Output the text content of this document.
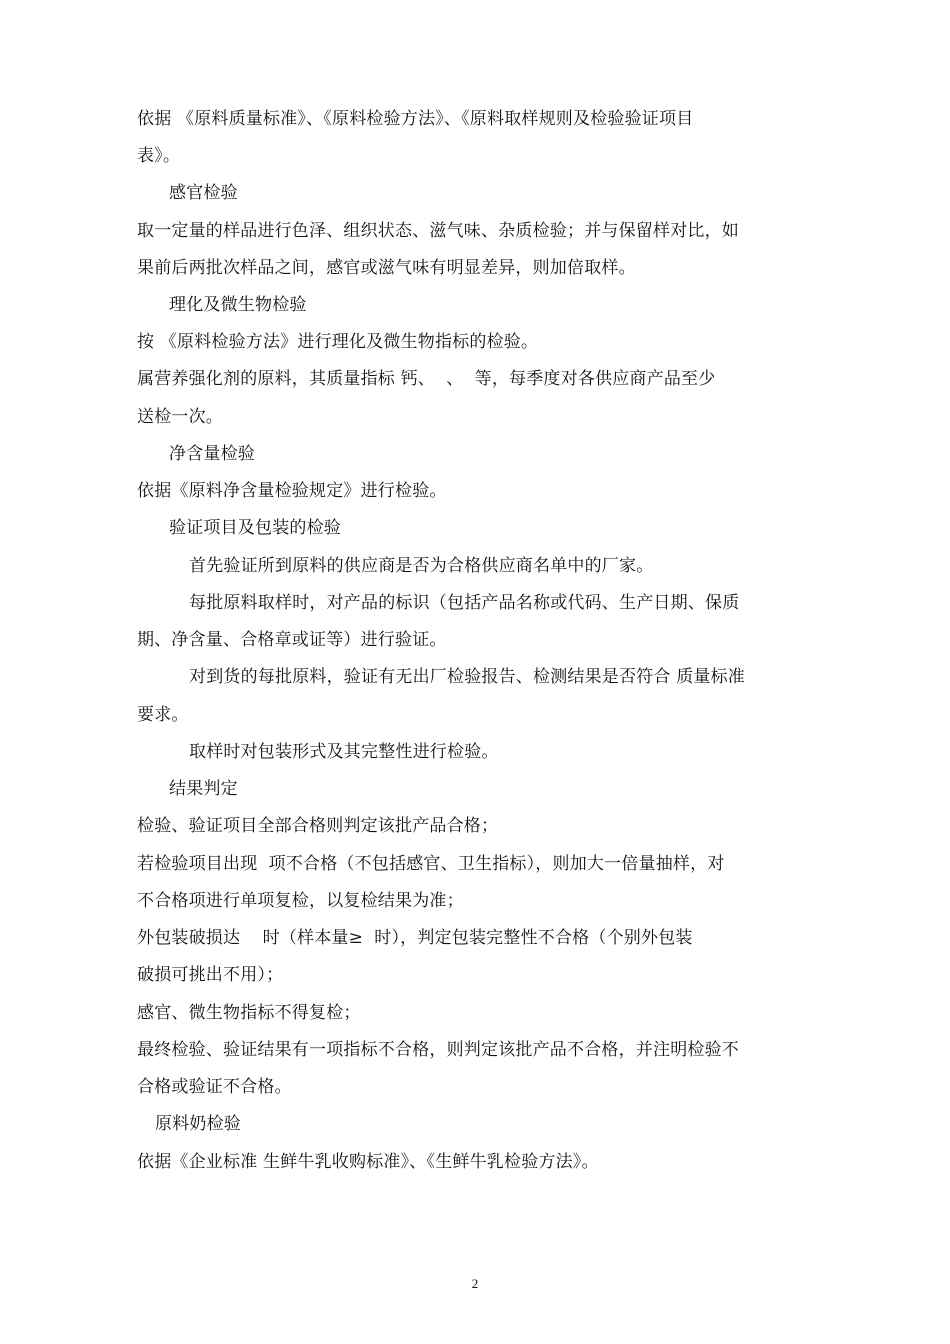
依据 《原料质量标准》、《原料检验方法》、《原料取样规则及检验验证项目
表》。
感官检验
取一定量的样品进行色泽、组织状态、滋气味、杂质检验；并与保留样对比，如
果前后两批次样品之间，感官或滋气味有明显差异，则加倍取样。
理化及微生物检验
按 《原料检验方法》进行理化及微生物指标的检验。
属营养强化剂的原料，其质量指标 钙、  、  等，每季度对各供应商产品至少
送检一次。
净含量检验
依据《原料净含量检验规定》进行检验。
验证项目及包装的检验
首先验证所到原料的供应商是否为合格供应商名单中的厂家。
每批原料取样时，对产品的标识（包括产品名称或代码、生产日期、保质
期、净含量、合格章或证等）进行验证。
对到货的每批原料，验证有无出厂检验报告、检测结果是否符合 质量标准
要求。
取样时对包装形式及其完整性进行检验。
结果判定
检验、验证项目全部合格则判定该批产品合格；
若检验项目出现  项不合格（不包括感官、卫生指标），则加大一倍量抽样，对
不合格项进行单项复检，以复检结果为准；
外包装破损达    时（样本量≥  时），判定包装完整性不合格（个别外包装
破损可挑出不用）；
感官、微生物指标不得复检；
最终检验、验证结果有一项指标不合格，则判定该批产品不合格，并注明检验不
合格或验证不合格。
原料奶检验
依据《企业标准 生鲜牛乳收购标准》、《生鲜牛乳检验方法》。
2
